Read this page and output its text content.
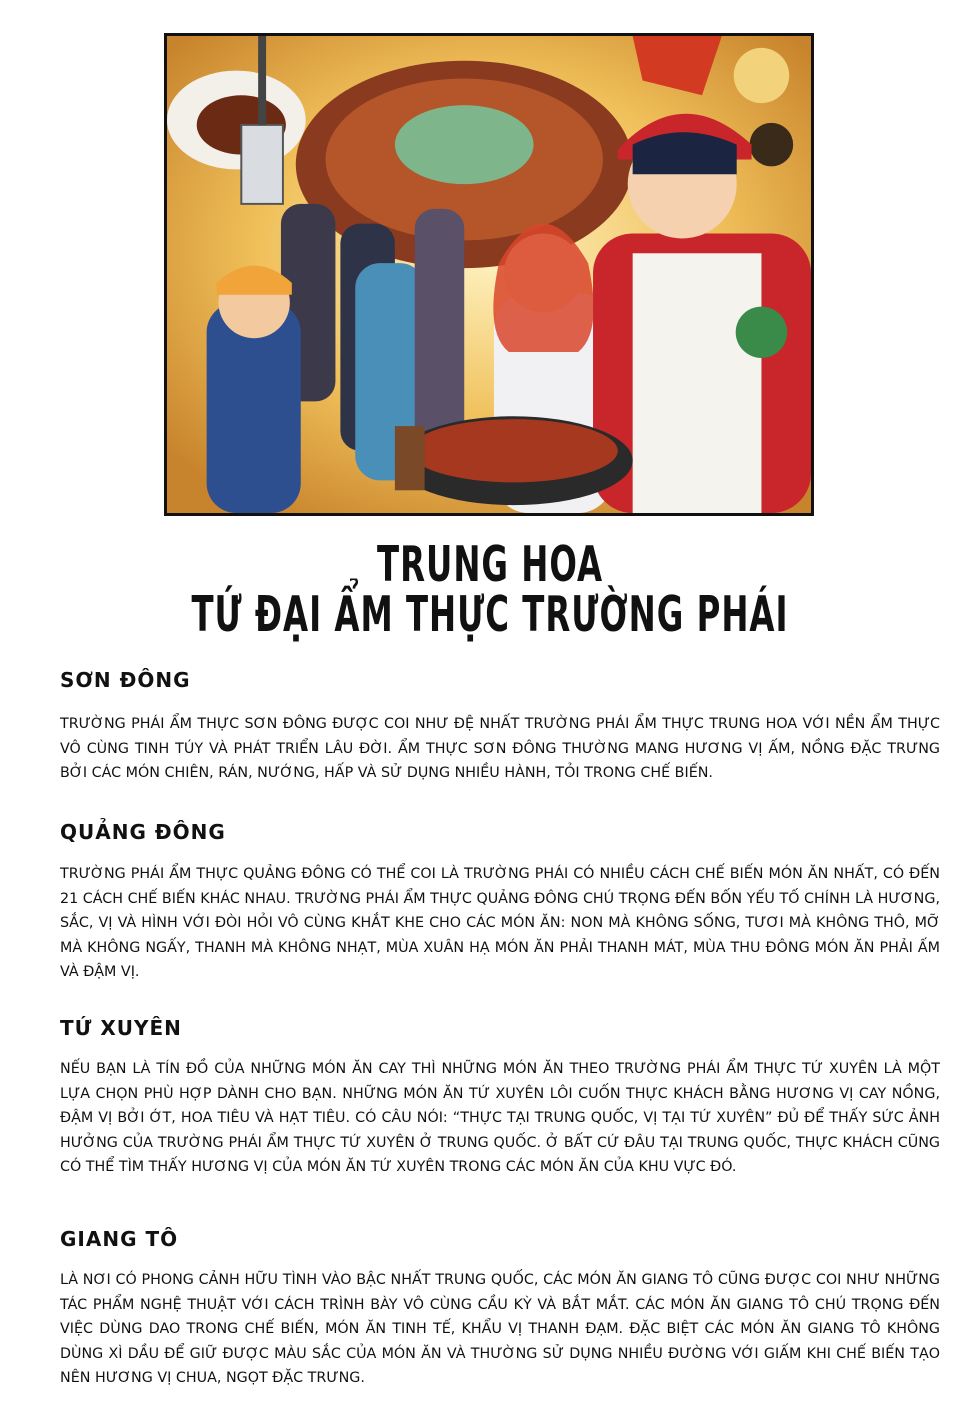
TRUNG HOA
TỨ ĐẠI ẨM THỰC TRƯỜNG PHÁI
SƠN ĐÔNG

TRƯỜNG PHÁI ẨM THỰC SƠN ĐÔNG ĐƯỢC COI NHƯ ĐỆ NHẤT TRƯỜNG PHÁI ẨM THỰC TRUNG HOA VỚI NỀN ẨM THỰC VÔ CÙNG TINH TÚY VÀ PHÁT TRIỂN LÂU ĐỜI. ẨM THỰC SƠN ĐÔNG THƯỜNG MANG HƯƠNG VỊ ẤM, NỒNG ĐẶC TRƯNG BỞI CÁC MÓN CHIÊN, RÁN, NƯỚNG, HẤP VÀ SỬ DỤNG NHIỀU HÀNH, TỎI TRONG CHẾ BIẾN.

QUẢNG ĐÔNG

TRƯỜNG PHÁI ẨM THỰC QUẢNG ĐÔNG CÓ THỂ COI LÀ TRƯỜNG PHÁI CÓ NHIỀU CÁCH CHẾ BIẾN MÓN ĂN NHẤT, CÓ ĐẾN 21 CÁCH CHẾ BIẾN KHÁC NHAU. TRƯỜNG PHÁI ẨM THỰC QUẢNG ĐÔNG CHÚ TRỌNG ĐẾN BỐN YẾU TỐ CHÍNH LÀ HƯƠNG, SẮC, VỊ VÀ HÌNH VỚI ĐÒI HỎI VÔ CÙNG KHẮT KHE CHO CÁC MÓN ĂN: NON MÀ KHÔNG SỐNG, TƯƠI MÀ KHÔNG THÔ, MỠ MÀ KHÔNG NGẤY, THANH MÀ KHÔNG NHẠT, MÙA XUÂN HẠ MÓN ĂN PHẢI THANH MÁT, MÙA THU ĐÔNG MÓN ĂN PHẢI ẤM VÀ ĐẬM VỊ.

TỨ XUYÊN

NẾU BẠN LÀ TÍN ĐỒ CỦA NHỮNG MÓN ĂN CAY THÌ NHỮNG MÓN ĂN THEO TRƯỜNG PHÁI ẨM THỰC TỨ XUYÊN LÀ MỘT LỰA CHỌN PHÙ HỢP DÀNH CHO BẠN. NHỮNG MÓN ĂN TỨ XUYÊN LÔI CUỐN THỰC KHÁCH BẰNG HƯƠNG VỊ CAY NỒNG, ĐẬM VỊ BỞI ỚT, HOA TIÊU VÀ HẠT TIÊU. CÓ CÂU NÓI: “THỰC TẠI TRUNG QUỐC, VỊ TẠI TỨ XUYÊN” ĐỦ ĐỂ THẤY SỨC ẢNH HƯỞNG CỦA TRƯỜNG PHÁI ẨM THỰC TỨ XUYÊN Ở TRUNG QUỐC. Ở BẤT CỨ ĐÂU TẠI TRUNG QUỐC, THỰC KHÁCH CŨNG CÓ THỂ TÌM THẤY HƯƠNG VỊ CỦA MÓN ĂN TỨ XUYÊN TRONG CÁC MÓN ĂN CỦA KHU VỰC ĐÓ.

GIANG TÔ

LÀ NƠI CÓ PHONG CẢNH HỮU TÌNH VÀO BẬC NHẤT TRUNG QUỐC, CÁC MÓN ĂN GIANG TÔ CŨNG ĐƯỢC COI NHƯ NHỮNG TÁC PHẨM NGHỆ THUẬT VỚI CÁCH TRÌNH BÀY VÔ CÙNG CẦU KỲ VÀ BẮT MẮT. CÁC MÓN ĂN GIANG TÔ CHÚ TRỌNG ĐẾN VIỆC DÙNG DAO TRONG CHẾ BIẾN, MÓN ĂN TINH TẾ, KHẨU VỊ THANH ĐẠM. ĐẶC BIỆT CÁC MÓN ĂN GIANG TÔ KHÔNG DÙNG XÌ DẦU ĐỂ GIỮ ĐƯỢC MÀU SẮC CỦA MÓN ĂN VÀ THƯỜNG SỬ DỤNG NHIỀU ĐƯỜNG VỚI GIẤM KHI CHẾ BIẾN TẠO NÊN HƯƠNG VỊ CHUA, NGỌT ĐẶC TRƯNG.
